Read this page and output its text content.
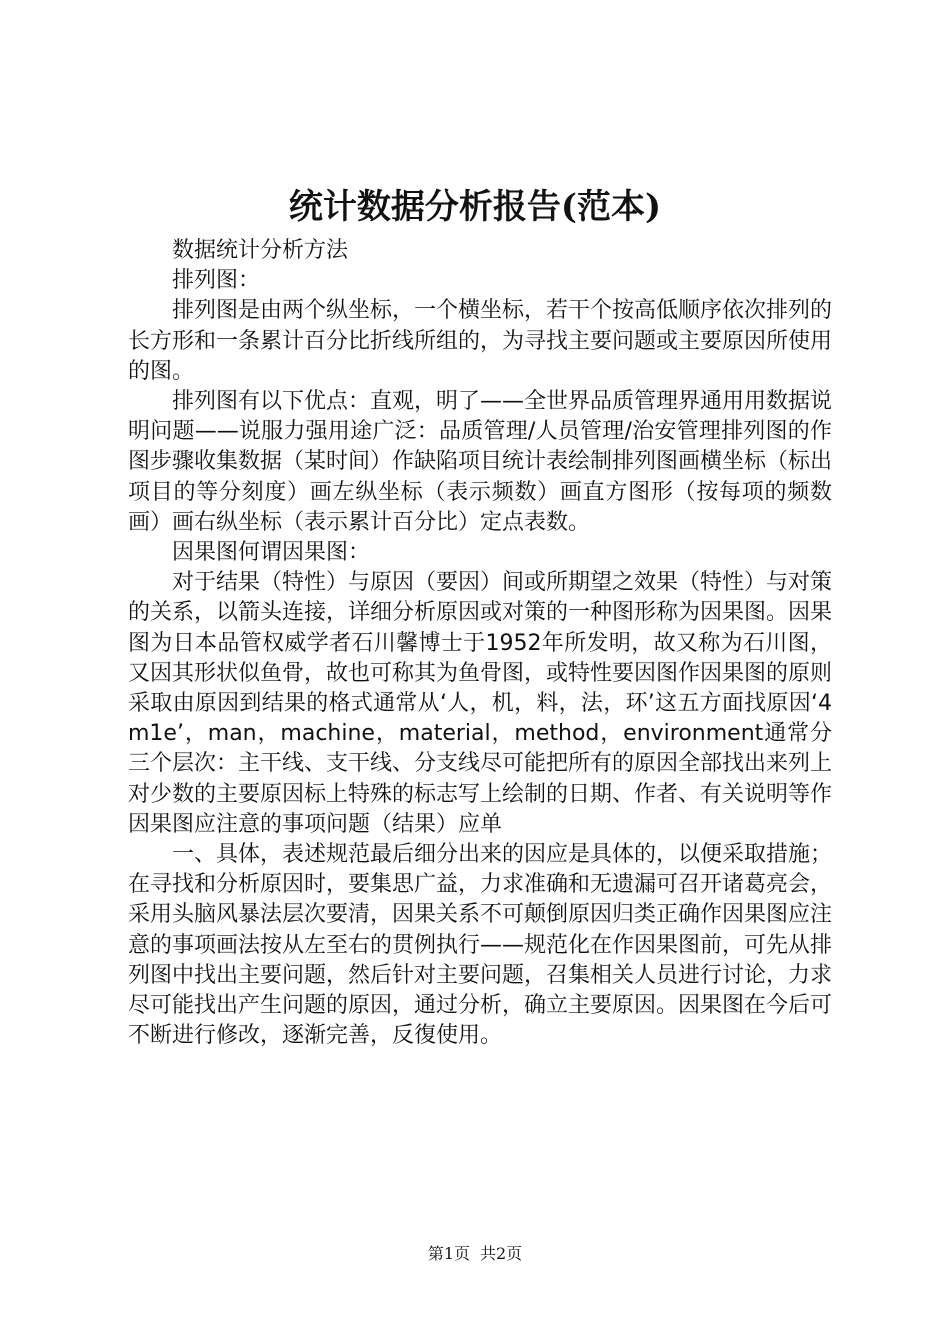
统计数据分析报告(范本)

数据统计分析方法

排列图：

排列图是由两个纵坐标，一个横坐标，若干个按高低顺序依次排列的长方形和一条累计百分比折线所组的，为寻找主要问题或主要原因所使用的图。

排列图有以下优点：直观，明了——全世界品质管理界通用用数据说明问题——说服力强用途广泛：品质管理/人员管理/治安管理排列图的作图步骤收集数据（某时间）作缺陷项目统计表绘制排列图画横坐标（标出项目的等分刻度）画左纵坐标（表示频数）画直方图形（按每项的频数画）画右纵坐标（表示累计百分比）定点表数。

因果图何谓因果图：

对于结果（特性）与原因（要因）间或所期望之效果（特性）与对策的关系，以箭头连接，详细分析原因或对策的一种图形称为因果图。因果图为日本品管权威学者石川馨博士于1952年所发明，故又称为石川图，又因其形状似鱼骨，故也可称其为鱼骨图，或特性要因图作因果图的原则采取由原因到结果的格式通常从‘人，机，料，法，环’这五方面找原因‘4m1e’，man，machine，material，method，environment通常分三个层次：主干线、支干线、分支线尽可能把所有的原因全部找出来列上对少数的主要原因标上特殊的标志写上绘制的日期、作者、有关说明等作因果图应注意的事项问题（结果）应单

一、具体，表述规范最后细分出来的因应是具体的，以便采取措施；在寻找和分析原因时，要集思广益，力求准确和无遗漏可召开诸葛亮会，采用头脑风暴法层次要清，因果关系不可颠倒原因归类正确作因果图应注意的事项画法按从左至右的贯例执行——规范化在作因果图前，可先从排列图中找出主要问题，然后针对主要问题，召集相关人员进行讨论，力求尽可能找出产生问题的原因，通过分析，确立主要原因。因果图在今后可不断进行修改，逐渐完善，反復使用。

第1页 共2页
